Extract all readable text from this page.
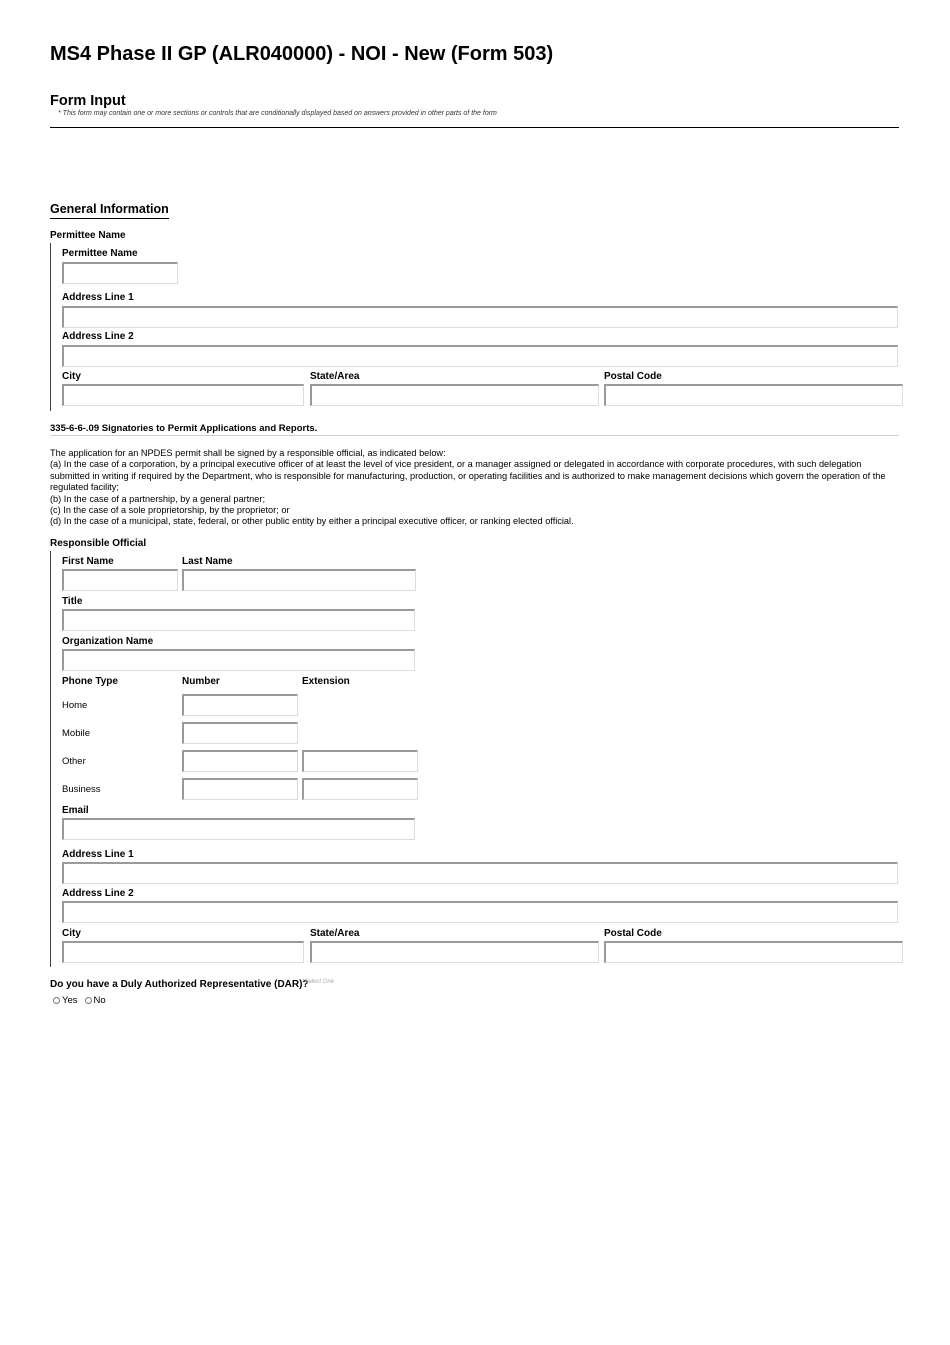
MS4 Phase II GP (ALR040000) - NOI - New (Form 503)
Form Input
* This form may contain one or more sections or controls that are conditionally displayed based on answers provided in other parts of the form
General Information
Permittee Name
Permittee Name
Address Line 1
Address Line 2
City	State/Area	Postal Code
335-6-6-.09 Signatories to Permit Applications and Reports.

The application for an NPDES permit shall be signed by a responsible official, as indicated below:

(a) In the case of a corporation, by a principal executive officer of at least the level of vice president, or a manager assigned or delegated in accordance with corporate procedures, with such delegation submitted in writing if required by the Department, who is responsible for manufacturing, production, or operating facilities and is authorized to make management decisions which govern the operation of the regulated facility;

(b) In the case of a partnership, by a general partner;

(c) In the case of a sole proprietorship, by the proprietor; or

(d) In the case of a municipal, state, federal, or other public entity by either a principal executive officer, or ranking elected official.

Responsible Official
First Name	Last Name
Title
Organization Name
Phone Type	Number	Extension
Home
Mobile
Other
Business
Email
Address Line 1
Address Line 2
City	State/Area	Postal Code
Do you have a Duly Authorized Representative (DAR)?
*Select One
Yes No
